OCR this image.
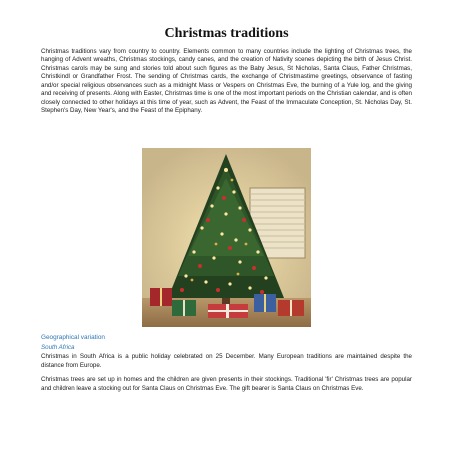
Christmas traditions

Christmas traditions vary from country to country. Elements common to many countries include the lighting of Christmas trees, the hanging of Advent wreaths, Christmas stockings, candy canes, and the creation of Nativity scenes depicting the birth of Jesus Christ. Christmas carols may be sung and stories told about such figures as the Baby Jesus, St Nicholas, Santa Claus, Father Christmas, Christkindl or Grandfather Frost. The sending of Christmas cards, the exchange of Christmastime greetings, observance of fasting and/or special religious observances such as a midnight Mass or Vespers on Christmas Eve, the burning of a Yule log, and the giving and receiving of presents. Along with Easter, Christmas time is one of the most important periods on the Christian calendar, and is often closely connected to other holidays at this time of year, such as Advent, the Feast of the Immaculate Conception, St. Nicholas Day, St. Stephen's Day, New Year's, and the Feast of the Epiphany.

Geographical variation

South Africa

Christmas in South Africa is a public holiday celebrated on 25 December. Many European traditions are maintained despite the distance from Europe.

Christmas trees are set up in homes and the children are given presents in their stockings. Traditional 'fir' Christmas trees are popular and children leave a stocking out for Santa Claus on Christmas Eve. The gift bearer is Santa Claus on Christmas Eve.
